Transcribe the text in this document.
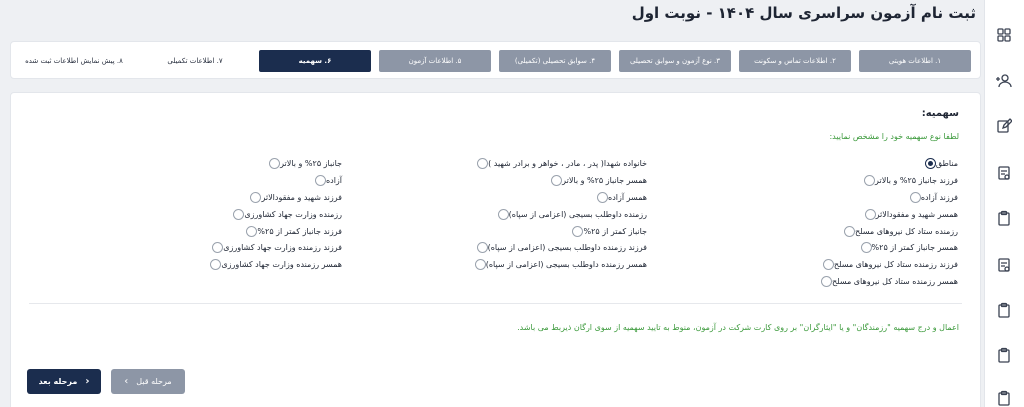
ثبت نام آزمون سراسری سال ۱۴۰۴ - نوبت اول
۱. اطلاعات هویتی
۲. اطلاعات تماس و سکونت
۳. نوع آزمون و سوابق تحصیلی
۴. سوابق تحصیلی (تکمیلی)
۵. اطلاعات آزمون
۶. سهمیه
۷. اطلاعات تکمیلی
۸. پیش نمایش اطلاعات ثبت شده
سهمیه:
لطفا نوع سهمیه خود را مشخص نمایید:
مناطق
فرزند جانباز ۲۵% و بالاتر
فرزند آزاده
همسر شهید و مفقودالاثر
رزمنده ستاد کل نیروهای مسلح
همسر جانباز کمتر از ۲۵%
فرزند رزمنده ستاد کل نیروهای مسلح
همسر رزمنده ستاد کل نیروهای مسلح
خانواده شهدا( پدر ، مادر ، خواهر و برادر شهید )
همسر جانباز ۲۵% و بالاتر
همسر آزاده
رزمنده داوطلب بسیجی (اعزامی از سپاه)
جانباز کمتر از ۲۵%
فرزند رزمنده داوطلب بسیجی (اعزامی از سپاه)
همسر رزمنده داوطلب بسیجی (اعزامی از سپاه)
جانباز ۲۵% و بالاتر
آزاده
فرزند شهید و مفقودالاثر
رزمنده وزارت جهاد کشاورزی
فرزند جانباز کمتر از ۲۵%
فرزند رزمنده وزارت جهاد کشاورزی
همسر رزمنده وزارت جهاد کشاورزی
اعمال و درج سهمیه "رزمندگان" و یا "ایثارگران" بر روی کارت شرکت در آزمون، منوط به تایید سهمیه از سوی ارگان ذیربط می باشد.
مرحله بعد ›	‹ مرحله قبل
